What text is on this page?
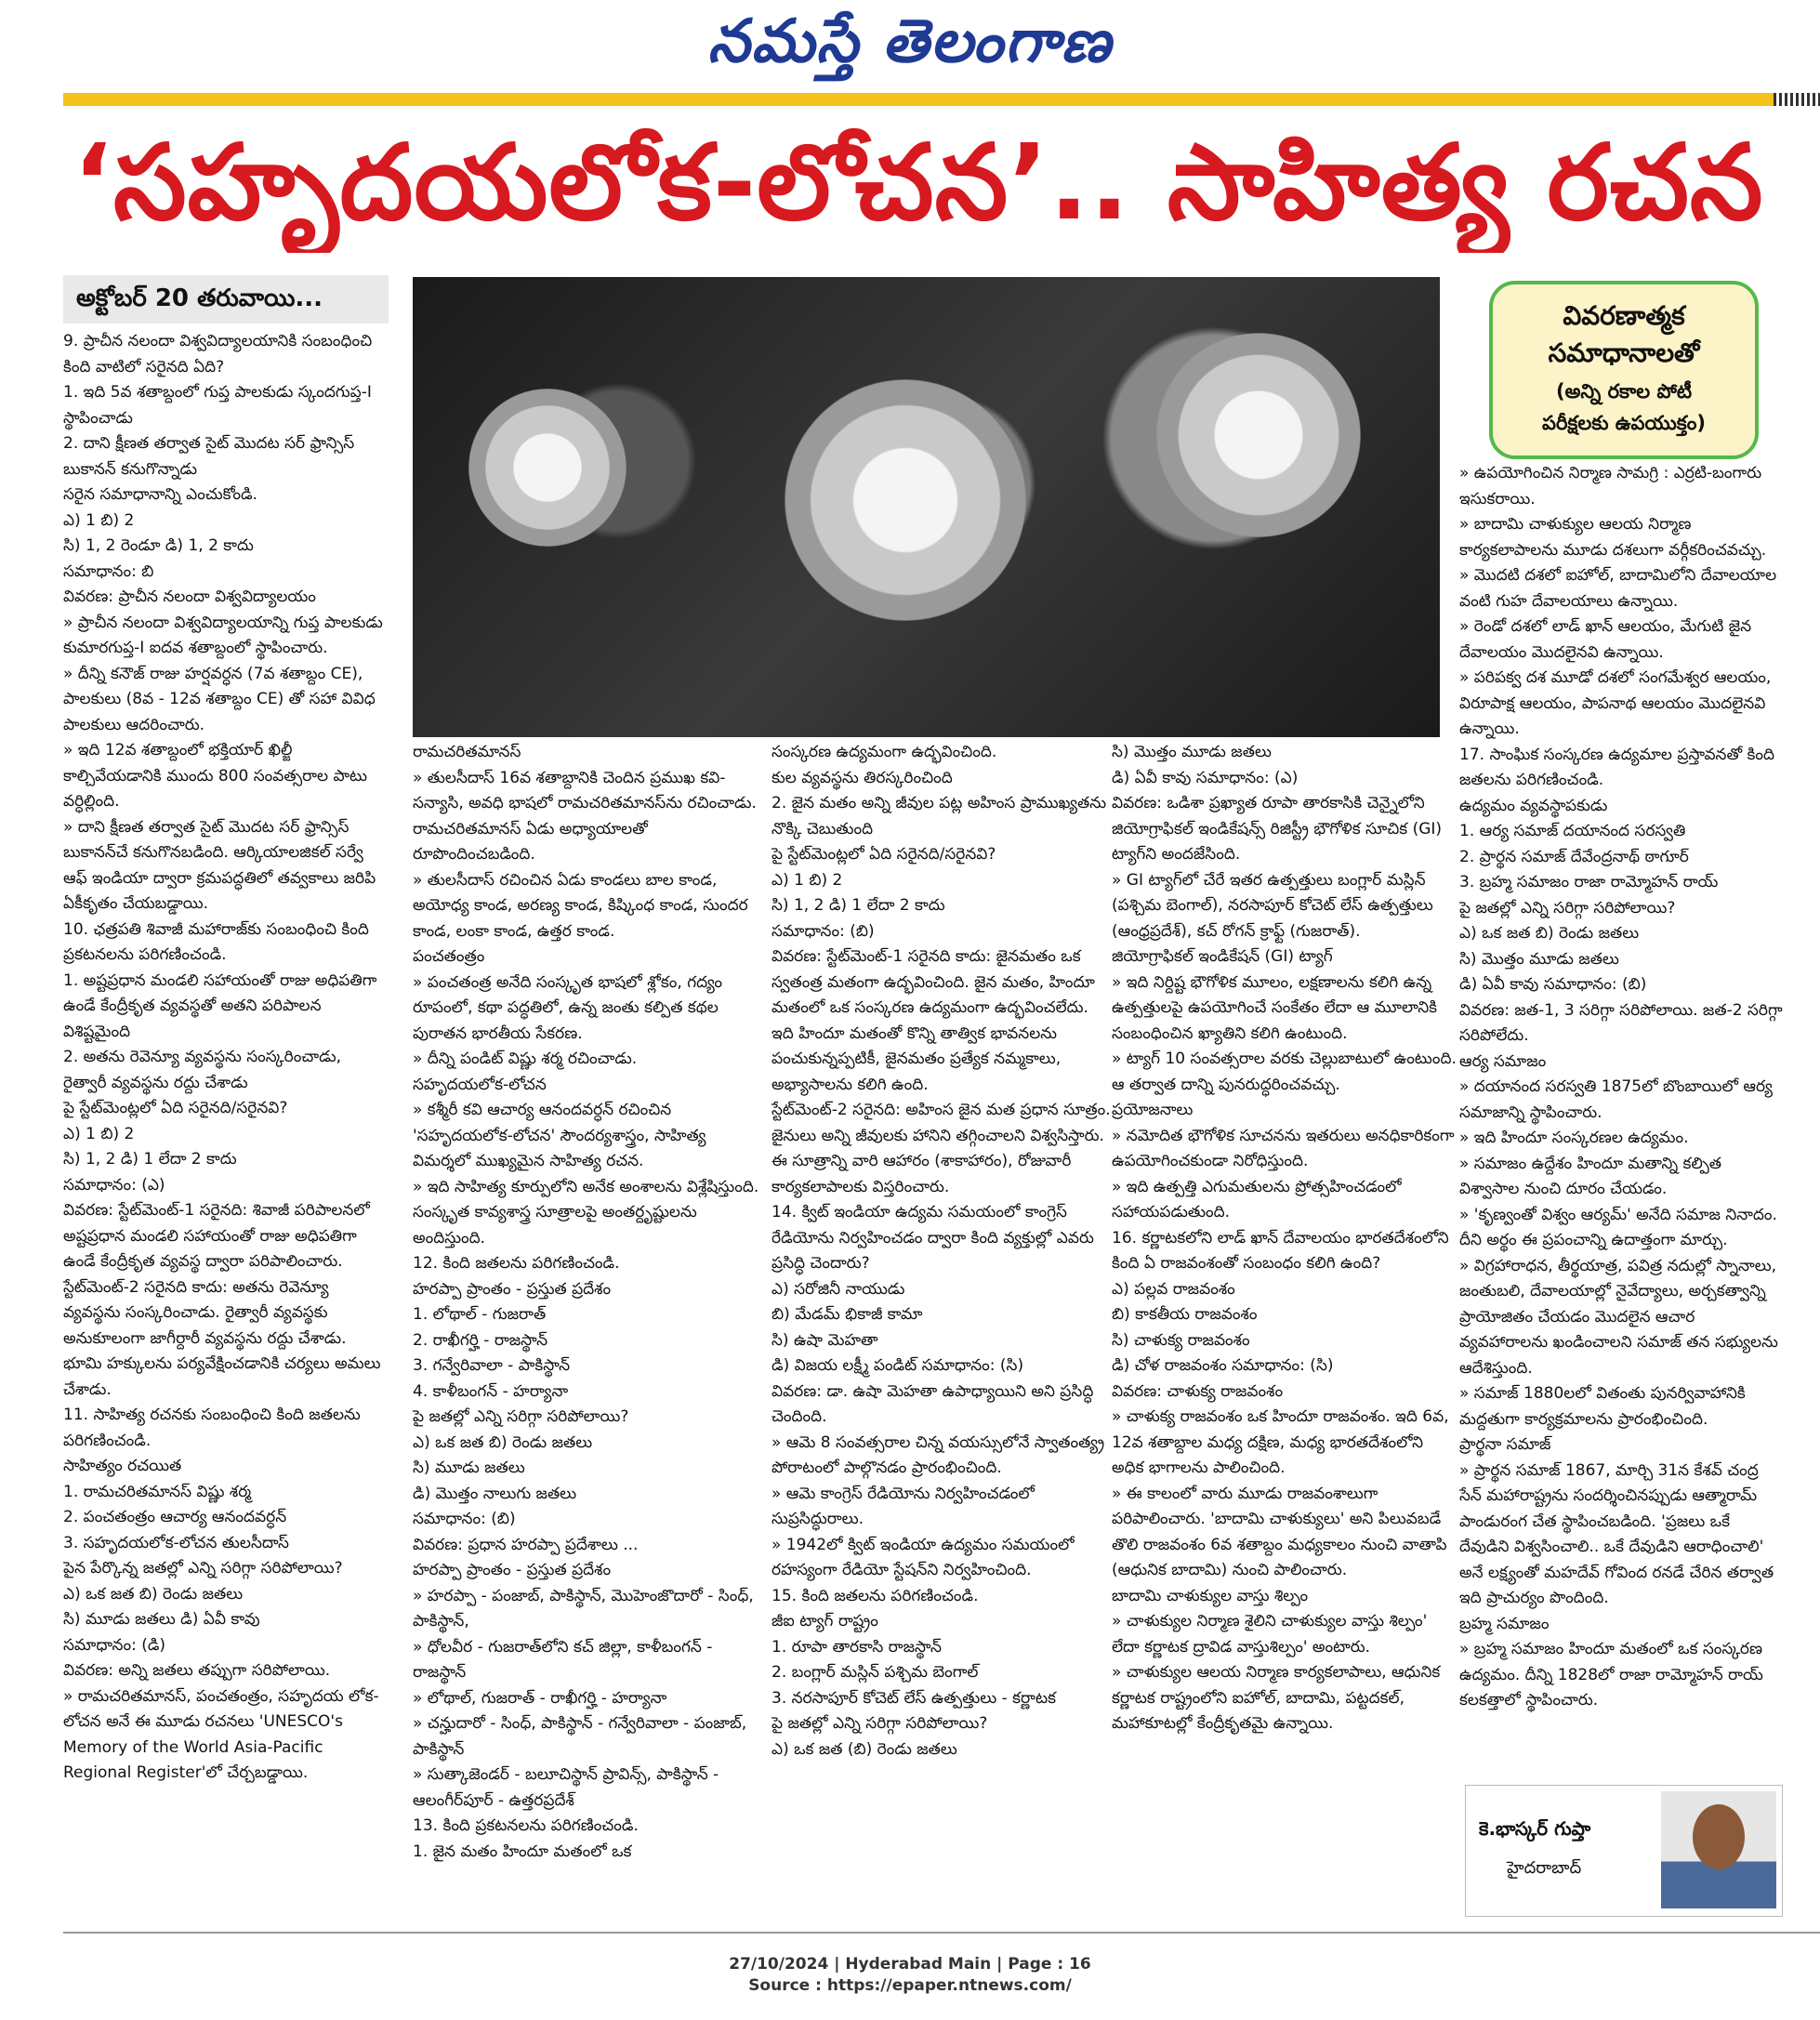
నమస్తే తెలంగాణ
‘సహృదయలోక-లోచన’.. సాహిత్య రచన
అక్టోబర్ 20 తరువాయి...

9. ప్రాచీన నలందా విశ్వవిద్యాలయానికి సంబంధించి కింది వాటిలో సరైనది ఏది?

1. ఇది 5వ శతాబ్దంలో గుప్త పాలకుడు స్కందగుప్త-I స్థాపించాడు

2. దాని క్షీణత తర్వాత సైట్ మొదట సర్ ఫ్రాన్సిస్ బుకానన్ కనుగొన్నాడు

సరైన సమాధానాన్ని ఎంచుకోండి.

ఎ) 1 బి) 2

సి) 1, 2 రెండూ డి) 1, 2 కాదు

సమాధానం: బి

వివరణ: ప్రాచీన నలందా విశ్వవిద్యాలయం

» ప్రాచీన నలందా విశ్వవిద్యాలయాన్ని గుప్త పాలకుడు కుమారగుప్త-I ఐదవ శతాబ్దంలో స్థాపించారు.

» దీన్ని కనౌజ్ రాజు హర్షవర్ధన (7వ శతాబ్దం CE), పాలకులు (8వ - 12వ శతాబ్దం CE) తో సహా వివిధ పాలకులు ఆదరించారు.

» ఇది 12వ శతాబ్దంలో భక్తియార్ ఖిల్జీ కాల్చివేయడానికి ముందు 800 సంవత్సరాల పాటు వర్ధిల్లింది.

» దాని క్షీణత తర్వాత సైట్ మొదట సర్ ఫ్రాన్సిస్ బుకానన్‌చే కనుగొనబడింది. ఆర్కియాలజికల్ సర్వే ఆఫ్ ఇండియా ద్వారా క్రమపద్ధతిలో తవ్వకాలు జరిపి ఏకీకృతం చేయబడ్డాయి.

10. ఛత్రపతి శివాజీ మహారాజ్‌కు సంబంధించి కింది ప్రకటనలను పరిగణించండి.

1. అష్టప్రధాన మండలి సహాయంతో రాజు అధిపతిగా ఉండే కేంద్రీకృత వ్యవస్థతో అతని పరిపాలన విశిష్టమైంది

2. అతను రెవెన్యూ వ్యవస్థను సంస్కరించాడు, రైత్వారీ వ్యవస్థను రద్దు చేశాడు

పై స్టేట్‌మెంట్లలో ఏది సరైనది/సరైనవి?

ఎ) 1 బి) 2

సి) 1, 2 డి) 1 లేదా 2 కాదు

సమాధానం: (ఎ)

వివరణ: స్టేట్‌మెంట్-1 సరైనది: శివాజీ పరిపాలనలో అష్టప్రధాన మండలి సహాయంతో రాజు అధిపతిగా ఉండే కేంద్రీకృత వ్యవస్థ ద్వారా పరిపాలించారు.

స్టేట్‌మెంట్-2 సరైనది కాదు: అతను రెవెన్యూ వ్యవస్థను సంస్కరించాడు. రైత్వారీ వ్యవస్థకు అనుకూలంగా జాగీర్దారీ వ్యవస్థను రద్దు చేశాడు. భూమి హక్కులను పర్యవేక్షించడానికి చర్యలు అమలు చేశాడు.

11. సాహిత్య రచనకు సంబంధించి కింది జతలను పరిగణించండి.

సాహిత్యం రచయిత

1. రామచరితమానస్ విష్ణు శర్మ

2. పంచతంత్రం ఆచార్య ఆనందవర్ధన్

3. సహృదయలోక-లోచన తులసీదాస్

పైన పేర్కొన్న జతల్లో ఎన్ని సరిగ్గా సరిపోలాయి?

ఎ) ఒక జత బి) రెండు జతలు

సి) మూడు జతలు డి) ఏవీ కావు

సమాధానం: (డి)

వివరణ: అన్ని జతలు తప్పుగా సరిపోలాయి.

» రామచరితమానస్, పంచతంత్రం, సహృదయ లోక-లోచన అనే ఈ మూడు రచనలు 'UNESCO's Memory of the World Asia-Pacific Regional Register'లో చేర్చబడ్డాయి.

వివరణాత్మక
సమాధానాలతో
(అన్ని రకాల పోటీ
పరీక్షలకు ఉపయుక్తం)

రామచరితమానస్

» తులసీదాస్ 16వ శతాబ్దానికి చెందిన ప్రముఖ కవి-సన్యాసి, అవధి భాషలో రామచరితమానస్‌ను రచించాడు. రామచరితమానస్ ఏడు అధ్యాయాలతో రూపొందించబడింది.

» తులసీదాస్ రచించిన ఏడు కాండలు బాల కాండ, అయోధ్య కాండ, అరణ్య కాండ, కిష్కింధ కాండ, సుందర కాండ, లంకా కాండ, ఉత్తర కాండ.

పంచతంత్రం

» పంచతంత్ర అనేది సంస్కృత భాషలో శ్లోకం, గద్యం రూపంలో, కథా పద్ధతిలో, ఉన్న జంతు కల్పిత కథల పురాతన భారతీయ సేకరణ.

» దీన్ని పండిట్ విష్ణు శర్మ రచించాడు.

సహృదయలోక-లోచన

» కశ్మీరీ కవి ఆచార్య ఆనందవర్ధన్ రచించిన 'సహృదయలోక-లోచన' సౌందర్యశాస్త్రం, సాహిత్య విమర్శలో ముఖ్యమైన సాహిత్య రచన.

» ఇది సాహిత్య కూర్పులోని అనేక అంశాలను విశ్లేషిస్తుంది. సంస్కృత కావ్యశాస్త్ర సూత్రాలపై అంతర్దృష్టులను అందిస్తుంది.

12. కింది జతలను పరిగణించండి.

హరప్పా ప్రాంతం - ప్రస్తుత ప్రదేశం

1. లోథాల్ - గుజరాత్

2. రాఖీగర్హి - రాజస్థాన్

3. గన్వేరివాలా - పాకిస్థాన్

4. కాళీబంగన్ - హర్యానా

పై జతల్లో ఎన్ని సరిగ్గా సరిపోలాయి?

ఎ) ఒక జత బి) రెండు జతలు

సి) మూడు జతలు

డి) మొత్తం నాలుగు జతలు

సమాధానం: (బి)

వివరణ: ప్రధాన హరప్పా ప్రదేశాలు ...

హరప్పా ప్రాంతం - ప్రస్తుత ప్రదేశం

» హరప్పా - పంజాబ్, పాకిస్థాన్, మొహెంజొదారో - సింధ్, పాకిస్థాన్,

» ధోలవీర - గుజరాత్‌లోని కచ్ జిల్లా, కాళీబంగన్ - రాజస్థాన్

» లోథాల్, గుజరాత్ - రాఖీగర్హి - హర్యానా

» చన్హుదారో - సింధ్, పాకిస్థాన్ - గన్వేరివాలా - పంజాబ్, పాకిస్థాన్

» సుత్కాజెండర్ - బలూచిస్థాన్ ప్రావిన్స్, పాకిస్థాన్ - ఆలంగీర్‌పూర్ - ఉత్తరప్రదేశ్

13. కింది ప్రకటనలను పరిగణించండి.

1. జైన మతం హిందూ మతంలో ఒక

సంస్కరణ ఉద్యమంగా ఉద్భవించింది.

కుల వ్యవస్థను తిరస్కరించింది

2. జైన మతం అన్ని జీవుల పట్ల అహింస ప్రాముఖ్యతను నొక్కి చెబుతుంది

పై స్టేట్‌మెంట్లలో ఏది సరైనది/సరైనవి?

ఎ) 1 బి) 2

సి) 1, 2 డి) 1 లేదా 2 కాదు

సమాధానం: (బి)

వివరణ: స్టేట్‌మెంట్-1 సరైనది కాదు: జైనమతం ఒక స్వతంత్ర మతంగా ఉద్భవించింది. జైన మతం, హిందూ మతంలో ఒక సంస్కరణ ఉద్యమంగా ఉద్భవించలేదు. ఇది హిందూ మతంతో కొన్ని తాత్విక భావనలను పంచుకున్నప్పటికీ, జైనమతం ప్రత్యేక నమ్మకాలు, అభ్యాసాలను కలిగి ఉంది.

స్టేట్‌మెంట్-2 సరైనది: అహింస జైన మత ప్రధాన సూత్రం. జైనులు అన్ని జీవులకు హానిని తగ్గించాలని విశ్వసిస్తారు. ఈ సూత్రాన్ని వారి ఆహారం (శాకాహారం), రోజువారీ కార్యకలాపాలకు విస్తరించారు.

14. క్విట్ ఇండియా ఉద్యమ సమయంలో కాంగ్రెస్ రేడియోను నిర్వహించడం ద్వారా కింది వ్యక్తుల్లో ఎవరు ప్రసిద్ధి చెందారు?

ఎ) సరోజినీ నాయుడు

బి) మేడమ్ భికాజీ కామా

సి) ఉషా మెహతా

డి) విజయ లక్ష్మీ పండిట్ సమాధానం: (సి)

వివరణ: డా. ఉషా మెహతా ఉపాధ్యాయిని అని ప్రసిద్ధి చెందింది.

» ఆమె 8 సంవత్సరాల చిన్న వయస్సులోనే స్వాతంత్య్ర పోరాటంలో పాల్గొనడం ప్రారంభించింది.

» ఆమె కాంగ్రెస్ రేడియోను నిర్వహించడంలో సుప్రసిద్ధురాలు.

» 1942లో క్విట్ ఇండియా ఉద్యమం సమయంలో రహస్యంగా రేడియో స్టేషన్‌ని నిర్వహించింది.

15. కింది జతలను పరిగణించండి.

జీఐ ట్యాగ్ రాష్ట్రం

1. రూపా తారకాసి రాజస్థాన్

2. బంగ్లార్ మస్లిన్ పశ్చిమ బెంగాల్

3. నరసాపూర్ కోచెట్ లేస్ ఉత్పత్తులు - కర్ణాటక

పై జతల్లో ఎన్ని సరిగ్గా సరిపోలాయి?

ఎ) ఒక జత (బి) రెండు జతలు

సి) మొత్తం మూడు జతలు

డి) ఏవీ కావు సమాధానం: (ఎ)

వివరణ: ఒడిశా ప్రఖ్యాత రూపా తారకాసికి చెన్నైలోని జియోగ్రాఫికల్ ఇండికేషన్స్ రిజిస్ట్రీ భౌగోళిక సూచిక (GI) ట్యాగ్‌ని అందజేసింది.

» GI ట్యాగ్‌లో చేరే ఇతర ఉత్పత్తులు బంగ్లార్ మస్లిన్ (పశ్చిమ బెంగాల్), నరసాపూర్ కోచెట్ లేస్ ఉత్పత్తులు (ఆంధ్రప్రదేశ్), కచ్ రోగన్ క్రాఫ్ట్ (గుజరాత్).

జియోగ్రాఫికల్ ఇండికేషన్ (GI) ట్యాగ్

» ఇది నిర్దిష్ట భౌగోళిక మూలం, లక్షణాలను కలిగి ఉన్న ఉత్పత్తులపై ఉపయోగించే సంకేతం లేదా ఆ మూలానికి సంబంధించిన ఖ్యాతిని కలిగి ఉంటుంది.

» ట్యాగ్ 10 సంవత్సరాల వరకు చెల్లుబాటులో ఉంటుంది. ఆ తర్వాత దాన్ని పునరుద్ధరించవచ్చు.

ప్రయోజనాలు

» నమోదిత భౌగోళిక సూచనను ఇతరులు అనధికారికంగా ఉపయోగించకుండా నిరోధిస్తుంది.

» ఇది ఉత్పత్తి ఎగుమతులను ప్రోత్సహించడంలో సహాయపడుతుంది.

16. కర్ణాటకలోని లాడ్ ఖాన్ దేవాలయం భారతదేశంలోని కింది ఏ రాజవంశంతో సంబంధం కలిగి ఉంది?

ఎ) పల్లవ రాజవంశం

బి) కాకతీయ రాజవంశం

సి) చాళుక్య రాజవంశం

డి) చోళ రాజవంశం సమాధానం: (సి)

వివరణ: చాళుక్య రాజవంశం

» చాళుక్య రాజవంశం ఒక హిందూ రాజవంశం. ఇది 6వ, 12వ శతాబ్దాల మధ్య దక్షిణ, మధ్య భారతదేశంలోని అధిక భాగాలను పాలించింది.

» ఈ కాలంలో వారు మూడు రాజవంశాలుగా పరిపాలించారు. 'బాదామి చాళుక్యులు' అని పిలువబడే తొలి రాజవంశం 6వ శతాబ్దం మధ్యకాలం నుంచి వాతాపి (ఆధునిక బాదామి) నుంచి పాలించారు.

బాదామి చాళుక్యుల వాస్తు శిల్పం

» చాళుక్యుల నిర్మాణ శైలిని చాళుక్యుల వాస్తు శిల్పం' లేదా కర్ణాటక ద్రావిడ వాస్తుశిల్పం' అంటారు.

» చాళుక్యుల ఆలయ నిర్మాణ కార్యకలాపాలు, ఆధునిక కర్ణాటక రాష్ట్రంలోని ఐహోల్, బాదామి, పట్టదకల్, మహాకూటల్లో కేంద్రీకృతమై ఉన్నాయి.

» ఉపయోగించిన నిర్మాణ సామగ్రి : ఎర్రటి-బంగారు ఇసుకరాయి.

» బాదామి చాళుక్యుల ఆలయ నిర్మాణ కార్యకలాపాలను మూడు దశలుగా వర్గీకరించవచ్చు.

» మొదటి దశలో ఐహోల్, బాదామిలోని దేవాలయాల వంటి గుహ దేవాలయాలు ఉన్నాయి.

» రెండో దశలో లాడ్ ఖాన్ ఆలయం, మేగుటి జైన దేవాలయం మొదలైనవి ఉన్నాయి.

» పరిపక్వ దశ మూడో దశలో సంగమేశ్వర ఆలయం, విరూపాక్ష ఆలయం, పాపనాథ ఆలయం మొదలైనవి ఉన్నాయి.

17. సాంఘిక సంస్కరణ ఉద్యమాల ప్రస్తావనతో కింది జతలను పరిగణించండి.

ఉద్యమం వ్యవస్థాపకుడు

1. ఆర్య సమాజ్ దయానంద సరస్వతి

2. ప్రార్థన సమాజ్ దేవేంద్రనాథ్ ఠాగూర్

3. బ్రహ్మ సమాజం రాజా రామ్మోహన్ రాయ్

పై జతల్లో ఎన్ని సరిగ్గా సరిపోలాయి?

ఎ) ఒక జత బి) రెండు జతలు

సి) మొత్తం మూడు జతలు

డి) ఏవీ కావు సమాధానం: (బి)

వివరణ: జత-1, 3 సరిగ్గా సరిపోలాయి. జత-2 సరిగ్గా సరిపోలేదు.

ఆర్య సమాజం

» దయానంద సరస్వతి 1875లో బొంబాయిలో ఆర్య సమాజాన్ని స్థాపించారు.

» ఇది హిందూ సంస్కరణల ఉద్యమం.

» సమాజం ఉద్దేశం హిందూ మతాన్ని కల్పిత విశ్వాసాల నుంచి దూరం చేయడం.

» 'కృణ్వంతో విశ్వం ఆర్యమ్' అనేది సమాజ నినాదం. దీని అర్థం ఈ ప్రపంచాన్ని ఉదాత్తంగా మార్చు.

» విగ్రహారాధన, తీర్థయాత్ర, పవిత్ర నదుల్లో స్నానాలు, జంతుబలి, దేవాలయాల్లో నైవేద్యాలు, అర్చకత్వాన్ని ప్రాయోజితం చేయడం మొదలైన ఆచార వ్యవహారాలను ఖండించాలని సమాజ్ తన సభ్యులను ఆదేశిస్తుంది.

» సమాజ్ 1880లలో వితంతు పునర్వివాహానికి మద్దతుగా కార్యక్రమాలను ప్రారంభించింది.

ప్రార్థనా సమాజ్

» ప్రార్థన సమాజ్ 1867, మార్చి 31న కేశవ్ చంద్ర సేన్ మహారాష్ట్రను సందర్శించినప్పుడు ఆత్మారామ్ పాండురంగ చేత స్థాపించబడింది. 'ప్రజలు ఒకే దేవుడిని విశ్వసించాలి.. ఒకే దేవుడిని ఆరాధించాలి' అనే లక్ష్యంతో మహదేవ్ గోవింద రనడే చేరిన తర్వాత ఇది ప్రాచుర్యం పొందింది.

బ్రహ్మ సమాజం

» బ్రహ్మ సమాజం హిందూ మతంలో ఒక సంస్కరణ ఉద్యమం. దీన్ని 1828లో రాజా రామ్మోహన్ రాయ్ కలకత్తాలో స్థాపించారు.

కె.భాస్కర్ గుప్తా
హైదరాబాద్
27/10/2024 | Hyderabad Main | Page : 16
Source : https://epaper.ntnews.com/
